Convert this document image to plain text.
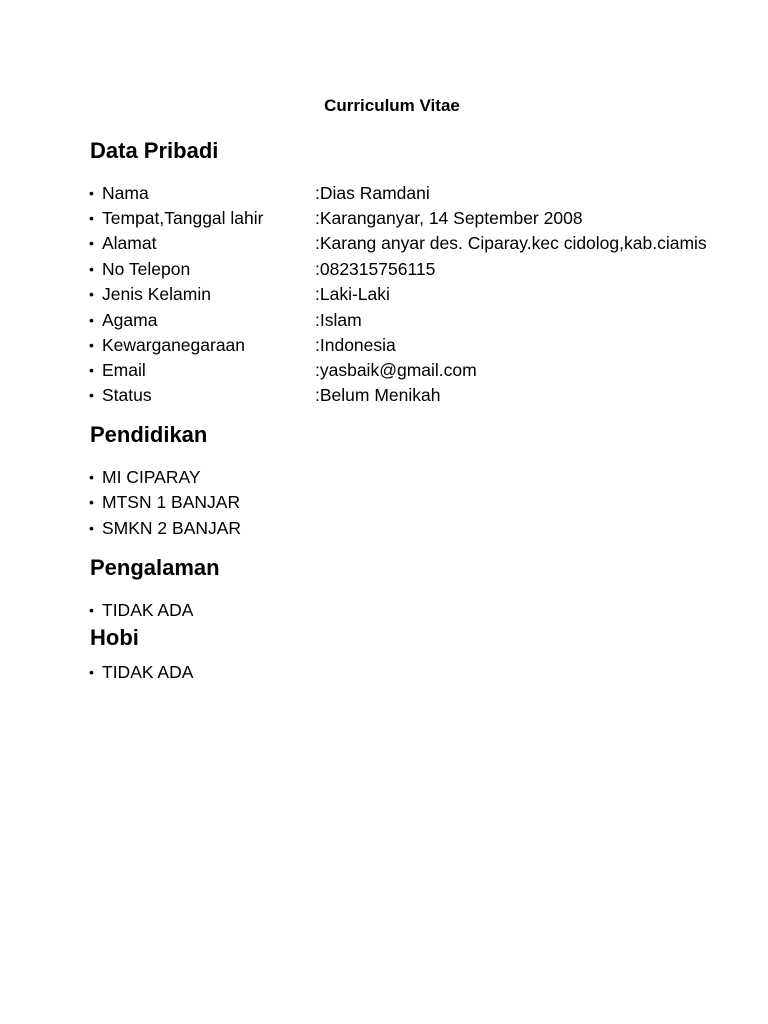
Curriculum Vitae
Data Pribadi
• Nama	:Dias Ramdani
• Tempat,Tanggal lahir	:Karanganyar, 14 September 2008
• Alamat	:Karang anyar des. Ciparay.kec cidolog,kab.ciamis
• No Telepon	:082315756115
• Jenis Kelamin	:Laki-Laki
• Agama	:Islam
• Kewarganegaraan	:Indonesia
• Email	:yasbaik@gmail.com
• Status	:Belum Menikah
Pendidikan
• MI CIPARAY
• MTSN 1 BANJAR
• SMKN 2 BANJAR
Pengalaman
• TIDAK ADA
Hobi
• TIDAK ADA
